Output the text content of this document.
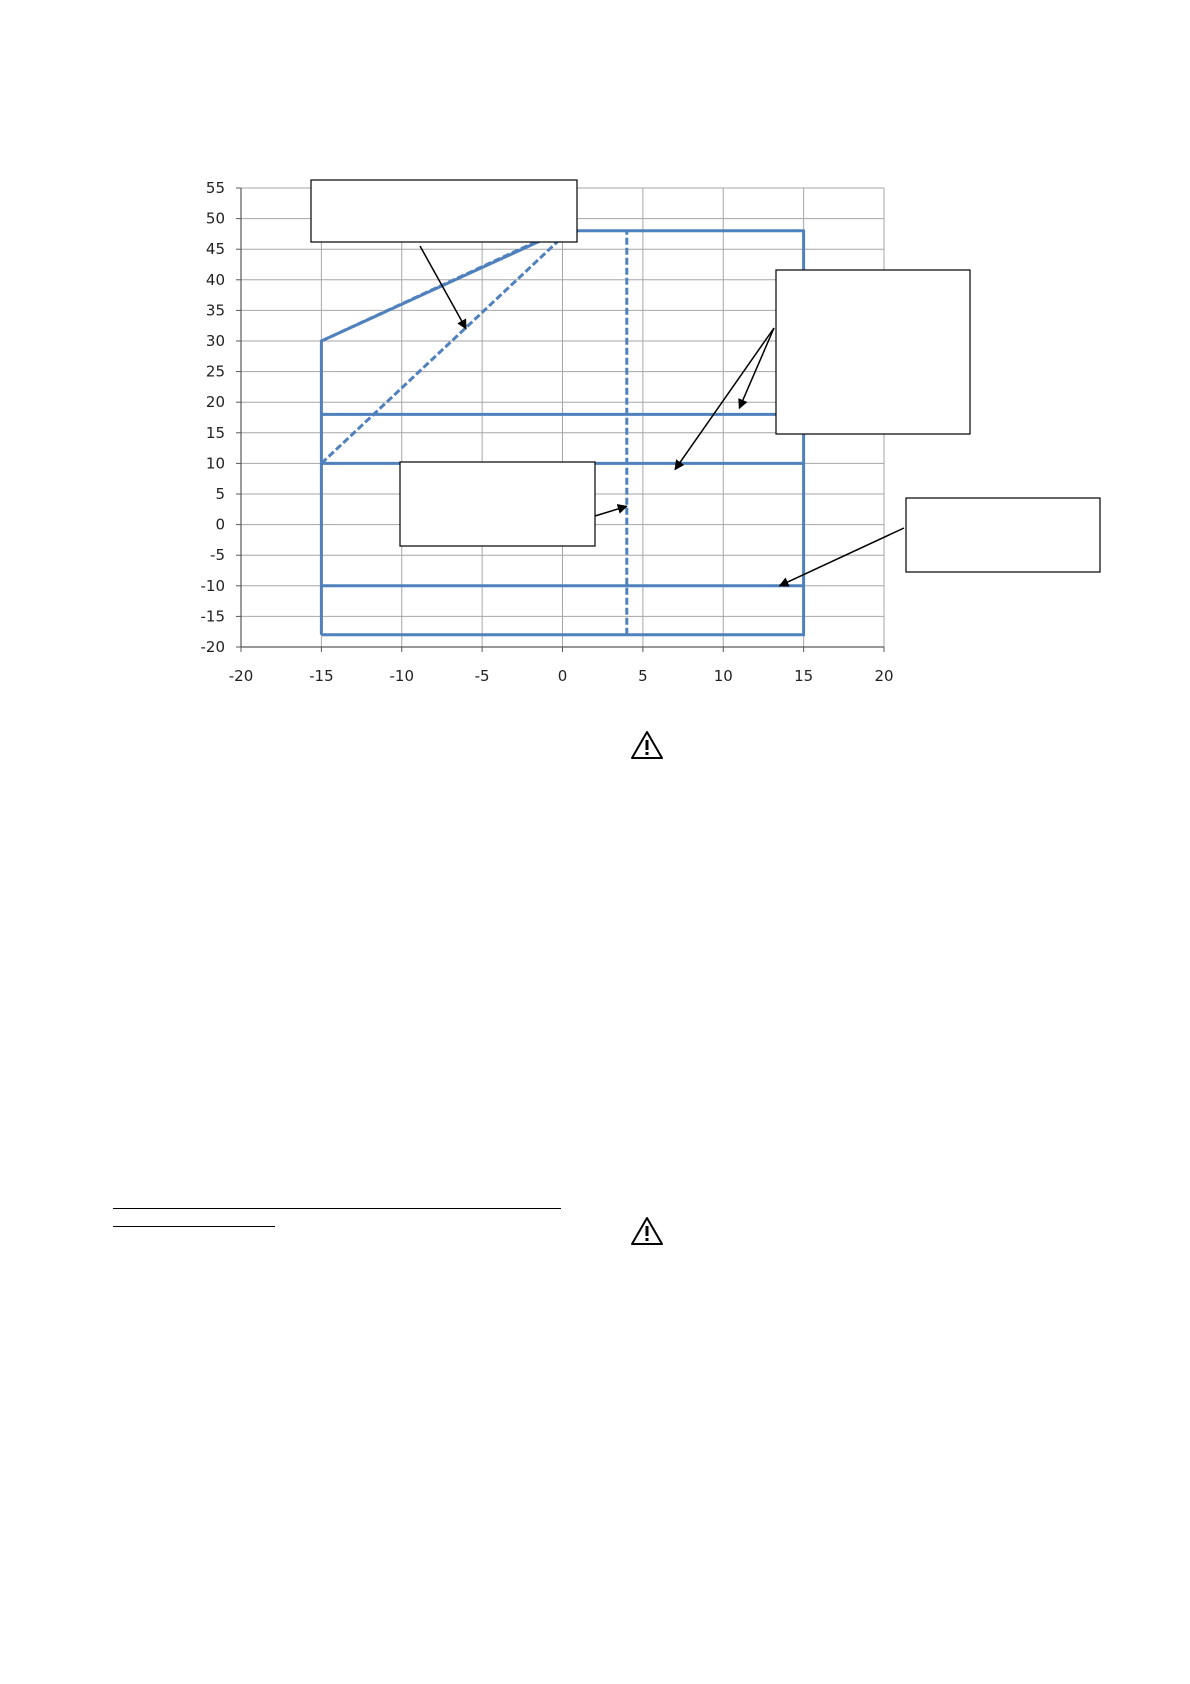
55
50
45
40
35
30
25
20
15
10
5
0
-5
-10
-15
-20
-20	-15	-10	-5	0	5	10	15	20
